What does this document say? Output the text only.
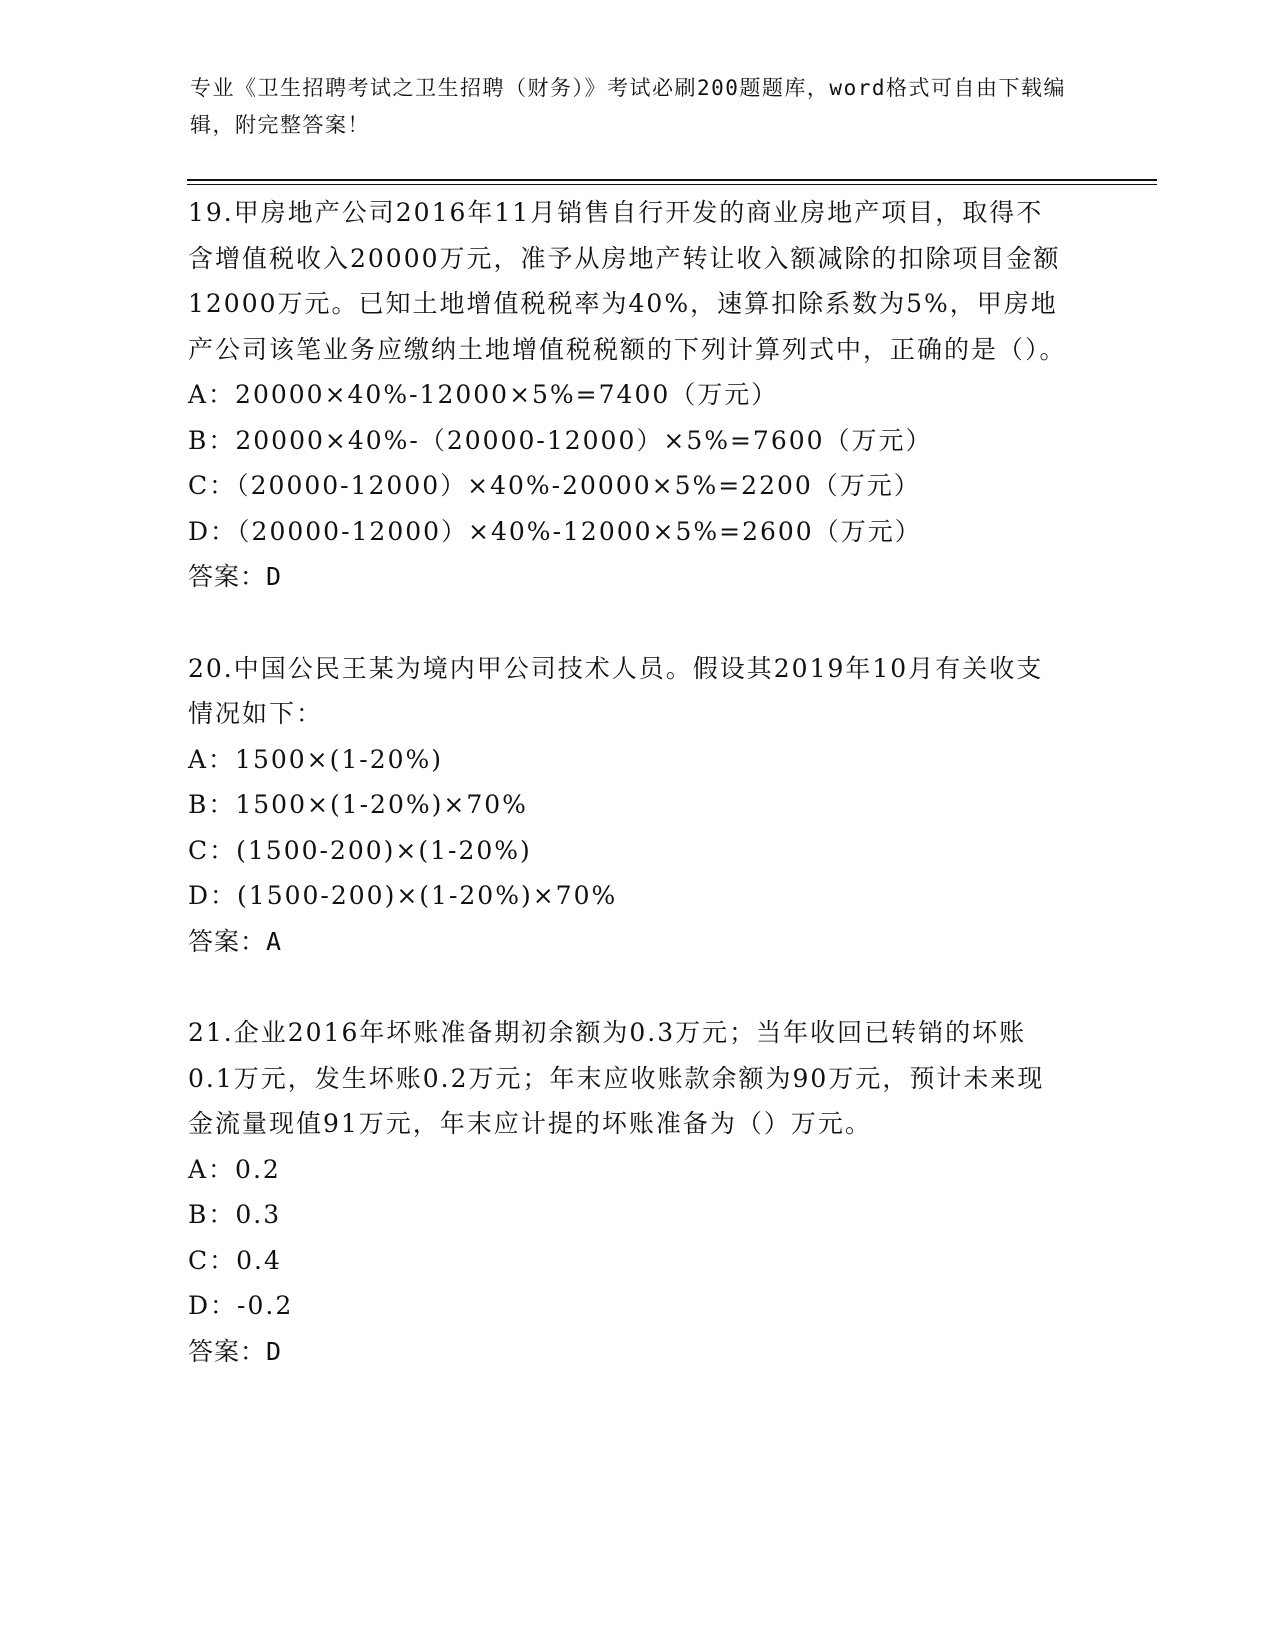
专业《卫生招聘考试之卫生招聘（财务）》考试必刷200题题库，word格式可自由下载编辑，附完整答案！

19.甲房地产公司2016年11月销售自行开发的商业房地产项目，取得不含增值税收入20000万元，准予从房地产转让收入额减除的扣除项目金额12000万元。已知土地增值税税率为40%，速算扣除系数为5%，甲房地产公司该笔业务应缴纳土地增值税税额的下列计算列式中，正确的是（）。

A：20000×40%-12000×5%=7400（万元）

B：20000×40%-（20000-12000）×5%=7600（万元）

C：（20000-12000）×40%-20000×5%=2200（万元）

D：（20000-12000）×40%-12000×5%=2600（万元）

答案：D

20.中国公民王某为境内甲公司技术人员。假设其2019年10月有关收支情况如下：

A：1500×(1-20%)

B：1500×(1-20%)×70%

C：(1500-200)×(1-20%)

D：(1500-200)×(1-20%)×70%

答案：A

21.企业2016年坏账准备期初余额为0.3万元；当年收回已转销的坏账0.1万元，发生坏账0.2万元；年末应收账款余额为90万元，预计未来现金流量现值91万元，年末应计提的坏账准备为（）万元。

A：0.2

B：0.3

C：0.4

D：-0.2

答案：D
